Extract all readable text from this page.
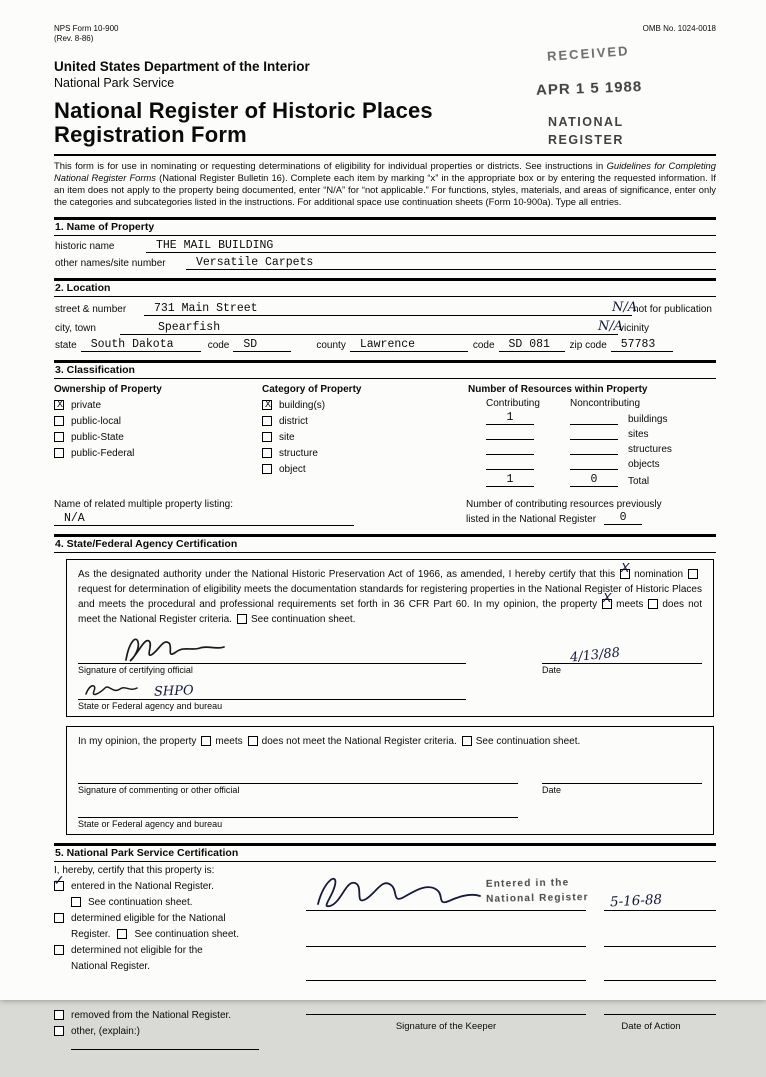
NPS Form 10-900
(Rev. 8-86)
OMB No. 1024-0018
RECEIVED
APR 1 5 1988
NATIONAL
REGISTER
United States Department of the Interior
National Park Service
National Register of Historic Places
Registration Form

This form is for use in nominating or requesting determinations of eligibility for individual properties or districts. See instructions in Guidelines for Completing National Register Forms (National Register Bulletin 16). Complete each item by marking “x” in the appropriate box or by entering the requested information. If an item does not apply to the property being documented, enter “N/A” for “not applicable.” For functions, styles, materials, and areas of significance, enter only the categories and subcategories listed in the instructions. For additional space use continuation sheets (Form 10-900a). Type all entries.

1. Name of Property
historic name	THE MAIL BUILDING
other names/site number	Versatile Carpets
2. Location
street & number	731 Main Street	N/A
not for publication
city, town	Spearfish	N/A
vicinity
state	South Dakota	code	SD	county	Lawrence	code	SD 081	zip code	57783
3. Classification
Ownership of Property
X private
public-local
public-State
public-Federal
Category of Property
X building(s)
district
site
structure
object
Number of Resources within Property
Contributing	Noncontributing
1	buildings
sites
structures
objects
1	0	Total
Name of related multiple property listing:
N/A
Number of contributing resources previously
listed in the National Register	0
4. State/Federal Agency Certification
As the designated authority under the National Historic Preservation Act of 1966, as amended, I hereby certify that this X nomination
request for determination of eligibility meets the documentation standards for registering properties in the National Register of Historic Places and meets the procedural and professional requirements set forth in 36 CFR Part 60. In my opinion, the property X meets does not meet the National Register criteria. See continuation sheet.
4/13/88
Signature of certifying official	Date
SHPO
State or Federal agency and bureau
In my opinion, the property meets does not meet the National Register criteria. See continuation sheet.
Signature of commenting or other official	Date
State or Federal agency and bureau
5. National Park Service Certification
I, hereby, certify that this property is:
✓ entered in the National Register.
See continuation sheet.
determined eligible for the National
Register. See continuation sheet.
determined not eligible for the
National Register.
removed from the National Register.
other, (explain:)
Entered in the
National Register 5-16-88
Signature of the Keeper	Date of Action
